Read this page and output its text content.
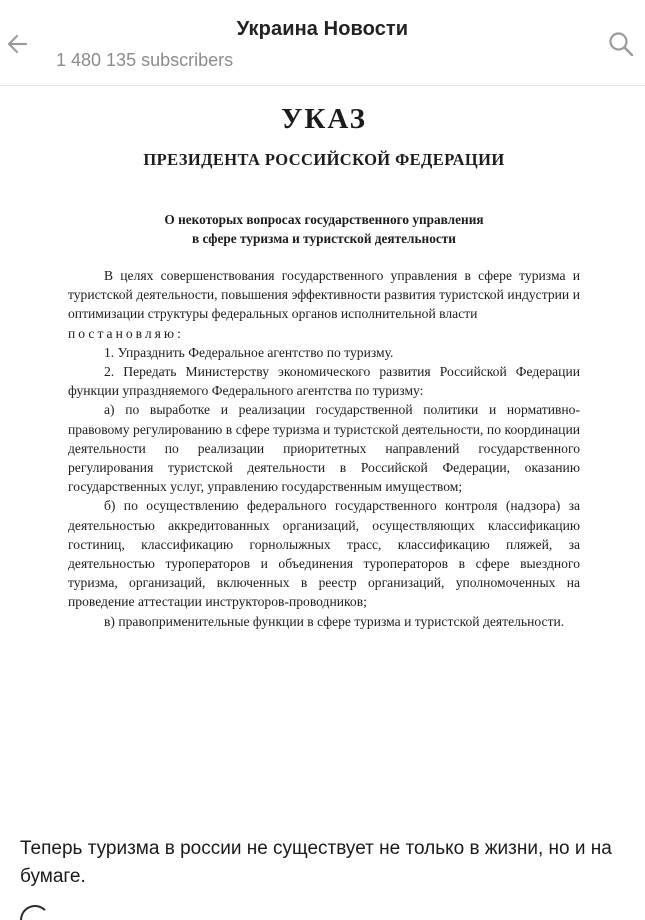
Украина Новости
1 480 135 subscribers
УКАЗ
ПРЕЗИДЕНТА РОССИЙСКОЙ ФЕДЕРАЦИИ
О некоторых вопросах государственного управления
в сфере туризма и туристской деятельности

В целях совершенствования государственного управления в сфере туризма и туристской деятельности, повышения эффективности развития туристской индустрии и оптимизации структуры федеральных органов исполнительной власти

постановляю:

1. Упразднить Федеральное агентство по туризму.

2. Передать Министерству экономического развития Российской Федерации функции упраздняемого Федерального агентства по туризму:

а) по выработке и реализации государственной политики и нормативно-правовому регулированию в сфере туризма и туристской деятельности, по координации деятельности по реализации приоритетных направлений государственного регулирования туристской деятельности в Российской Федерации, оказанию государственных услуг, управлению государственным имуществом;

б) по осуществлению федерального государственного контроля (надзора) за деятельностью аккредитованных организаций, осуществляющих классификацию гостиниц, классификацию горнолыжных трасс, классификацию пляжей, за деятельностью туроператоров и объединения туроператоров в сфере выездного туризма, организаций, включенных в реестр организаций, уполномоченных на проведение аттестации инструкторов-проводников;

в) правоприменительные функции в сфере туризма и туристской деятельности.

Теперь туризма в россии не существует не только в жизни, но и на бумаге.
